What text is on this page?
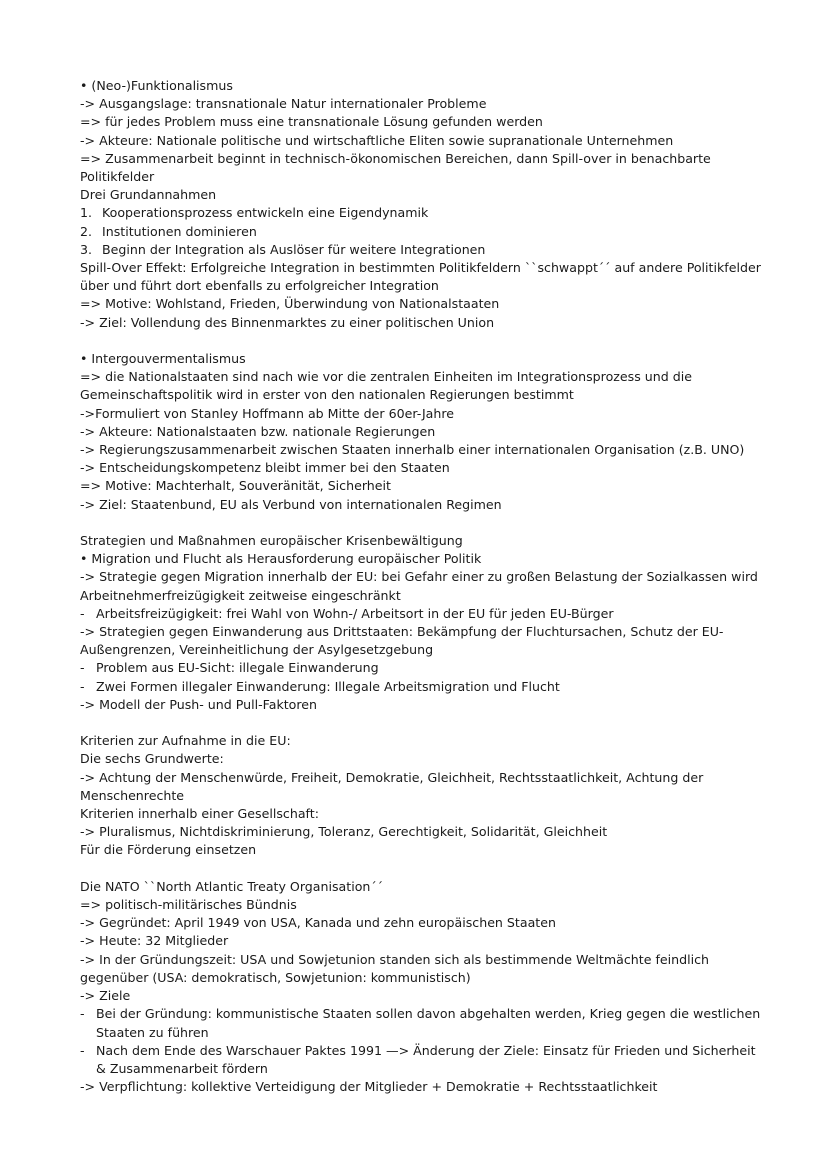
• (Neo-)Funktionalismus
-> Ausgangslage: transnationale Natur internationaler Probleme
=> für jedes Problem muss eine transnationale Lösung gefunden werden
-> Akteure: Nationale politische und wirtschaftliche Eliten sowie supranationale Unternehmen
=> Zusammenarbeit beginnt in technisch-ökonomischen Bereichen, dann Spill-over in benachbarte
Politikfelder
Drei Grundannahmen
1. Kooperationsprozess entwickeln eine Eigendynamik
2. Institutionen dominieren
3. Beginn der Integration als Auslöser für weitere Integrationen
Spill-Over Effekt: Erfolgreiche Integration in bestimmten Politikfeldern ``schwappt´´ auf andere Politikfelder
über und führt dort ebenfalls zu erfolgreicher Integration
=> Motive: Wohlstand, Frieden, Überwindung von Nationalstaaten
-> Ziel: Vollendung des Binnenmarktes zu einer politischen Union
• Intergouvermentalismus
=> die Nationalstaaten sind nach wie vor die zentralen Einheiten im Integrationsprozess und die
Gemeinschaftspolitik wird in erster von den nationalen Regierungen bestimmt
->Formuliert von Stanley Hoffmann ab Mitte der 60er-Jahre
-> Akteure: Nationalstaaten bzw. nationale Regierungen
-> Regierungszusammenarbeit zwischen Staaten innerhalb einer internationalen Organisation (z.B. UNO)
-> Entscheidungskompetenz bleibt immer bei den Staaten
=> Motive: Machterhalt, Souveränität, Sicherheit
-> Ziel: Staatenbund, EU als Verbund von internationalen Regimen
Strategien und Maßnahmen europäischer Krisenbewältigung
• Migration und Flucht als Herausforderung europäischer Politik
-> Strategie gegen Migration innerhalb der EU: bei Gefahr einer zu großen Belastung der Sozialkassen wird
Arbeitnehmerfreizügigkeit zeitweise eingeschränkt
- Arbeitsfreizügigkeit: frei Wahl von Wohn-/ Arbeitsort in der EU für jeden EU-Bürger
-> Strategien gegen Einwanderung aus Drittstaaten: Bekämpfung der Fluchtursachen, Schutz der EU-
Außengrenzen, Vereinheitlichung der Asylgesetzgebung
- Problem aus EU-Sicht: illegale Einwanderung
- Zwei Formen illegaler Einwanderung: Illegale Arbeitsmigration und Flucht
-> Modell der Push- und Pull-Faktoren
Kriterien zur Aufnahme in die EU:
Die sechs Grundwerte:
-> Achtung der Menschenwürde, Freiheit, Demokratie, Gleichheit, Rechtsstaatlichkeit, Achtung der
Menschenrechte
Kriterien innerhalb einer Gesellschaft:
-> Pluralismus, Nichtdiskriminierung, Toleranz, Gerechtigkeit, Solidarität, Gleichheit
Für die Förderung einsetzen
Die NATO ``North Atlantic Treaty Organisation´´
=> politisch-militärisches Bündnis
-> Gegründet: April 1949 von USA, Kanada und zehn europäischen Staaten
-> Heute: 32 Mitglieder
-> In der Gründungszeit: USA und Sowjetunion standen sich als bestimmende Weltmächte feindlich
gegenüber (USA: demokratisch, Sowjetunion: kommunistisch)
-> Ziele
- Bei der Gründung: kommunistische Staaten sollen davon abgehalten werden, Krieg gegen die westlichen
Staaten zu führen
- Nach dem Ende des Warschauer Paktes 1991 —> Änderung der Ziele: Einsatz für Frieden und Sicherheit
& Zusammenarbeit fördern
-> Verpflichtung: kollektive Verteidigung der Mitglieder + Demokratie + Rechtsstaatlichkeit
